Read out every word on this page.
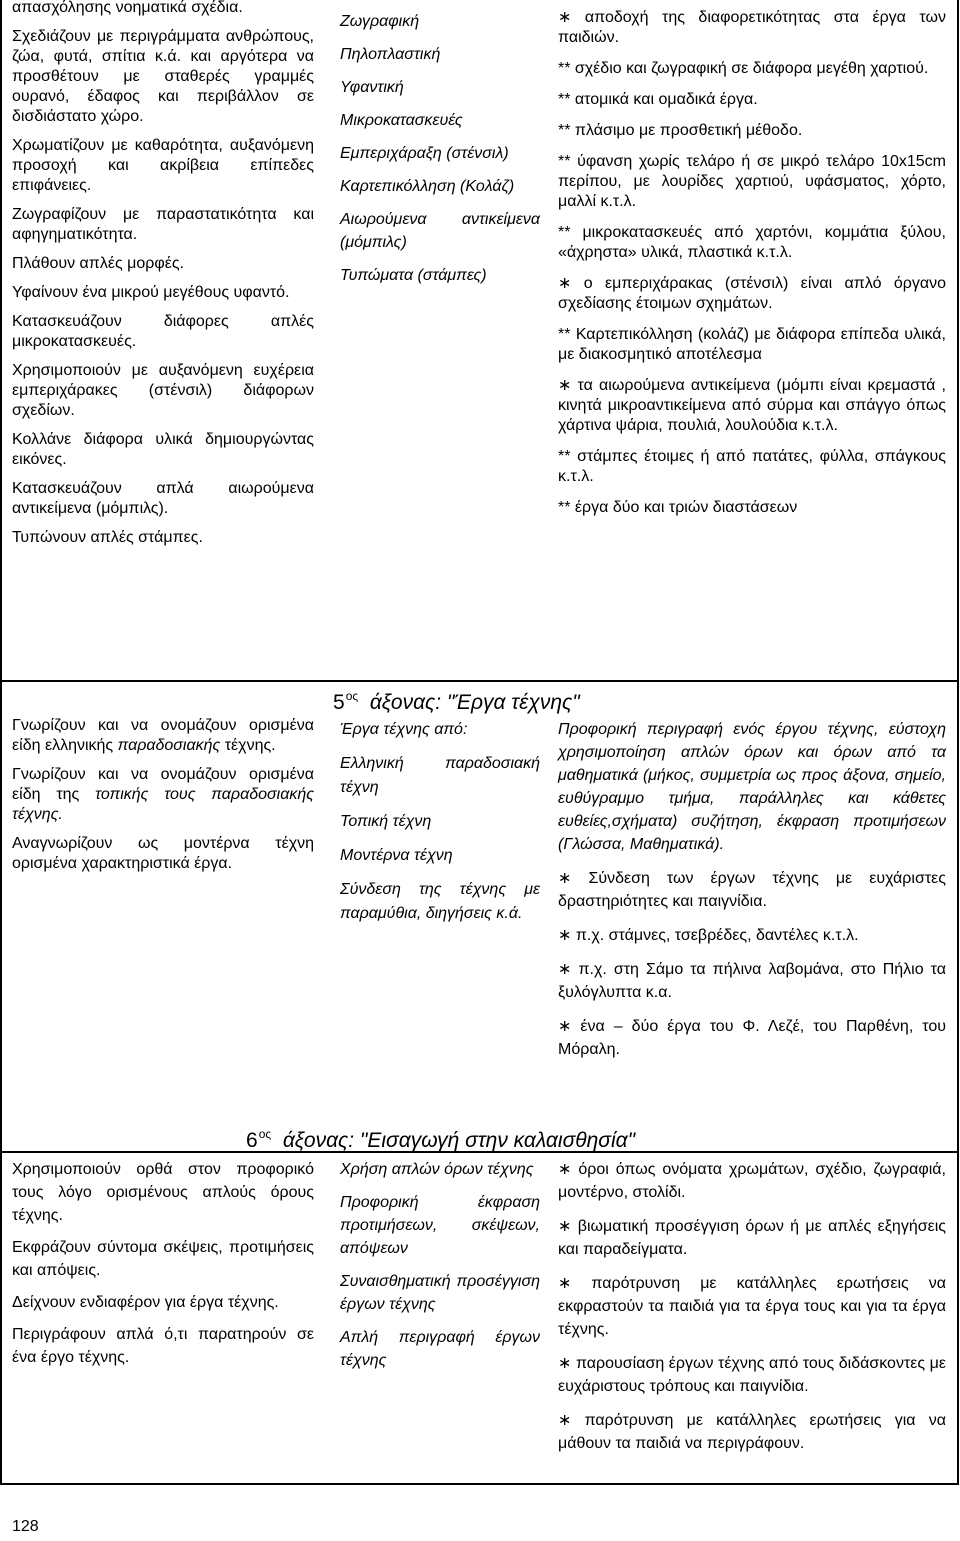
απασχόλησης νοηματικά σχέδια.

Σχεδιάζουν με περιγράμματα ανθρώπους, ζώα, φυτά, σπίτια κ.ά. και αργότερα να προσθέτουν με σταθερές γραμμές ουρανό, έδαφος και περιβάλλον σε δισδιάστατο χώρο.

Χρωματίζουν με καθαρότητα, αυξανόμενη προσοχή και ακρίβεια επίπεδες επιφάνειες.

Ζωγραφίζουν με παραστατικότητα και αφηγηματικότητα.

Πλάθουν απλές μορφές.

Υφαίνουν ένα μικρού μεγέθους υφαντό.

Κατασκευάζουν διάφορες απλές μικροκατασκευές.

Χρησιμοποιούν με αυξανόμενη ευχέρεια εμπεριχάρακες (στένσιλ) διάφορων σχεδίων.

Κολλάνε διάφορα υλικά δημιουργώντας εικόνες.

Κατασκευάζουν απλά αιωρούμενα αντικείμενα (μόμπιλς).

Τυπώνουν απλές στάμπες.

Ζωγραφική

Πηλοπλαστική

Υφαντική

Μικροκατασκευές

Εμπεριχάραξη (στένσιλ)

Καρτεπικόλληση (Κολάζ)

Αιωρούμενα αντικείμενα (μόμπιλς)

Τυπώματα (στάμπες)

∗ αποδοχή της διαφορετικότητας στα έργα των παιδιών.

** σχέδιο και ζωγραφική σε διάφορα μεγέθη χαρτιού.

** ατομικά και ομαδικά έργα.

** πλάσιμο με προσθετική μέθοδο.

** ύφανση χωρίς τελάρο ή σε μικρό τελάρο 10x15cm περίπου, με λουρίδες χαρτιού, υφάσματος, χόρτο, μαλλί κ.τ.λ.

** μικροκατασκευές από χαρτόνι, κομμάτια ξύλου, «άχρηστα» υλικά, πλαστικά κ.τ.λ.

∗ ο εμπεριχάρακας (στένσιλ) είναι απλό όργανο σχεδίασης έτοιμων σχημάτων.

** Καρτεπικόλληση (κολάζ) με διάφορα επίπεδα υλικά, με διακοσμητικό αποτέλεσμα

∗ τα αιωρούμενα αντικείμενα (μόμπι είναι κρεμαστά , κινητά μικροαντικείμενα από σύρμα και σπάγγο όπως χάρτινα ψάρια, πουλιά, λουλούδια κ.τ.λ.

** στάμπες έτοιμες ή από πατάτες, φύλλα, σπάγκους κ.τ.λ.

** έργα δύο και τριών διαστάσεων

$5^{o\varsigma}$ άξονας: "Έργα τέχνης"

Γνωρίζουν και να ονομάζουν ορισμένα είδη ελληνικής παραδοσιακής τέχνης.

Γνωρίζουν και να ονομάζουν ορισμένα είδη της τοπικής τους παραδοσιακής τέχνης.

Αναγνωρίζουν ως μοντέρνα τέχνη ορισμένα χαρακτηριστικά έργα.

Έργα τέχνης από:

Ελληνική παραδοσιακή τέχνη

Τοπική τέχνη

Μοντέρνα τέχνη

Σύνδεση της τέχνης με παραμύθια, διηγήσεις κ.ά.

Προφορική περιγραφή ενός έργου τέχνης, εύστοχη χρησιμοποίηση απλών όρων και όρων από τα μαθηματικά (μήκος, συμμετρία ως προς άξονα, σημείο, ευθύγραμμο τμήμα, παράλληλες και κάθετες ευθείες,σχήματα) συζήτηση, έκφραση προτιμήσεων (Γλώσσα, Μαθηματικά).

∗ Σύνδεση των έργων τέχνης με ευχάριστες δραστηριότητες και παιγνίδια.

∗ π.χ. στάμνες, τσεβρέδες, δαντέλες κ.τ.λ.

∗ π.χ. στη Σάμο τα πήλινα λαβομάνα, στο Πήλιο τα ξυλόγλυπτα κ.α.

∗ ένα – δύο έργα του Φ. Λεζέ, του Παρθένη, του Μόραλη.

$6^{o\varsigma}$ άξονας: "Εισαγωγή στην καλαισθησία"

Χρησιμοποιούν ορθά στον προφορικό τους λόγο ορισμένους απλούς όρους τέχνης.

Εκφράζουν σύντομα σκέψεις, προτιμήσεις και απόψεις.

Δείχνουν ενδιαφέρον για έργα τέχνης.

Περιγράφουν απλά ό,τι παρατηρούν σε ένα έργο τέχνης.

Χρήση απλών όρων τέχνης

Προφορική έκφραση προτιμήσεων, σκέψεων, απόψεων

Συναισθηματική προσέγγιση έργων τέχνης

Απλή περιγραφή έργων τέχνης

∗ όροι όπως ονόματα χρωμάτων, σχέδιο, ζωγραφιά, μοντέρνο, στολίδι.

∗ βιωματική προσέγγιση όρων ή με απλές εξηγήσεις και παραδείγματα.

∗ παρότρυνση με κατάλληλες ερωτήσεις να εκφραστούν τα παιδιά για τα έργα τους και για τα έργα τέχνης.

∗ παρουσίαση έργων τέχνης από τους διδάσκοντες με ευχάριστους τρόπους και παιγνίδια.

∗ παρότρυνση με κατάλληλες ερωτήσεις για να μάθουν τα παιδιά να περιγράφουν.

128
